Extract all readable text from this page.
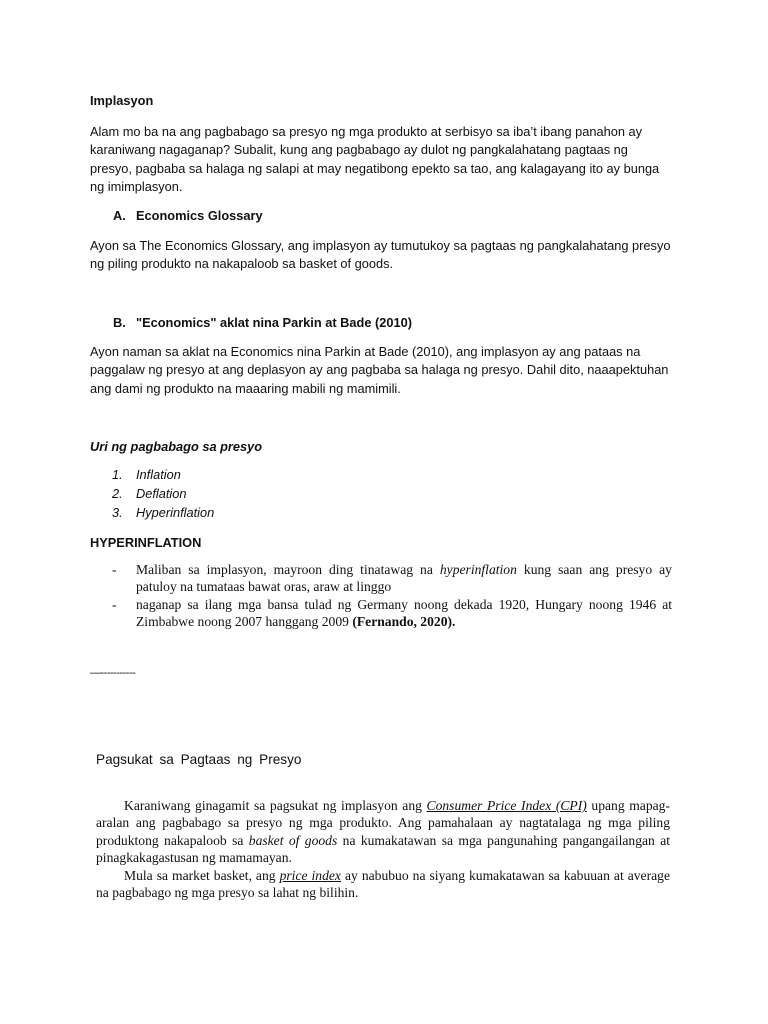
Implasyon

Alam mo ba na ang pagbabago sa presyo ng mga produkto at serbisyo sa iba’t ibang panahon ay karaniwang nagaganap? Subalit, kung ang pagbabago ay dulot ng pangkalahatang pagtaas ng presyo, pagbaba sa halaga ng salapi at may negatibong epekto sa tao, ang kalagayang ito ay bunga ng imimplasyon.

A. Economics Glossary

Ayon sa The Economics Glossary, ang implasyon ay tumutukoy sa pagtaas ng pangkalahatang presyo ng piling produkto na nakapaloob sa basket of goods.

B. "Economics" aklat nina Parkin at Bade (2010)

Ayon naman sa aklat na Economics nina Parkin at Bade (2010), ang implasyon ay ang pataas na paggalaw ng presyo at ang deplasyon ay ang pagbaba sa halaga ng presyo. Dahil dito, naaapektuhan ang dami ng produkto na maaaring mabili ng mamimili.

Uri ng pagbabago sa presyo

1. Inflation
2. Deflation
3. Hyperinflation

HYPERINFLATION

- Maliban sa implasyon, mayroon ding tinatawag na hyperinflation kung saan ang presyo ay patuloy na tumataas bawat oras, araw at linggo
- naganap sa ilang mga bansa tulad ng Germany noong dekada 1920, Hungary noong 1946 at Zimbabwe noong 2007 hanggang 2009 (Fernando, 2020).
—-----------

Pagsukat sa Pagtaas ng Presyo

Karaniwang ginagamit sa pagsukat ng implasyon ang Consumer Price Index (CPI) upang mapag-aralan ang pagbabago sa presyo ng mga produkto. Ang pamahalaan ay nagtatalaga ng mga piling produktong nakapaloob sa basket of goods na kumakatawan sa mga pangunahing pangangailangan at pinagkakagastusan ng mamamayan.

Mula sa market basket, ang price index ay nabubuo na siyang kumakatawan sa kabuuan at average na pagbabago ng mga presyo sa lahat ng bilihin.
